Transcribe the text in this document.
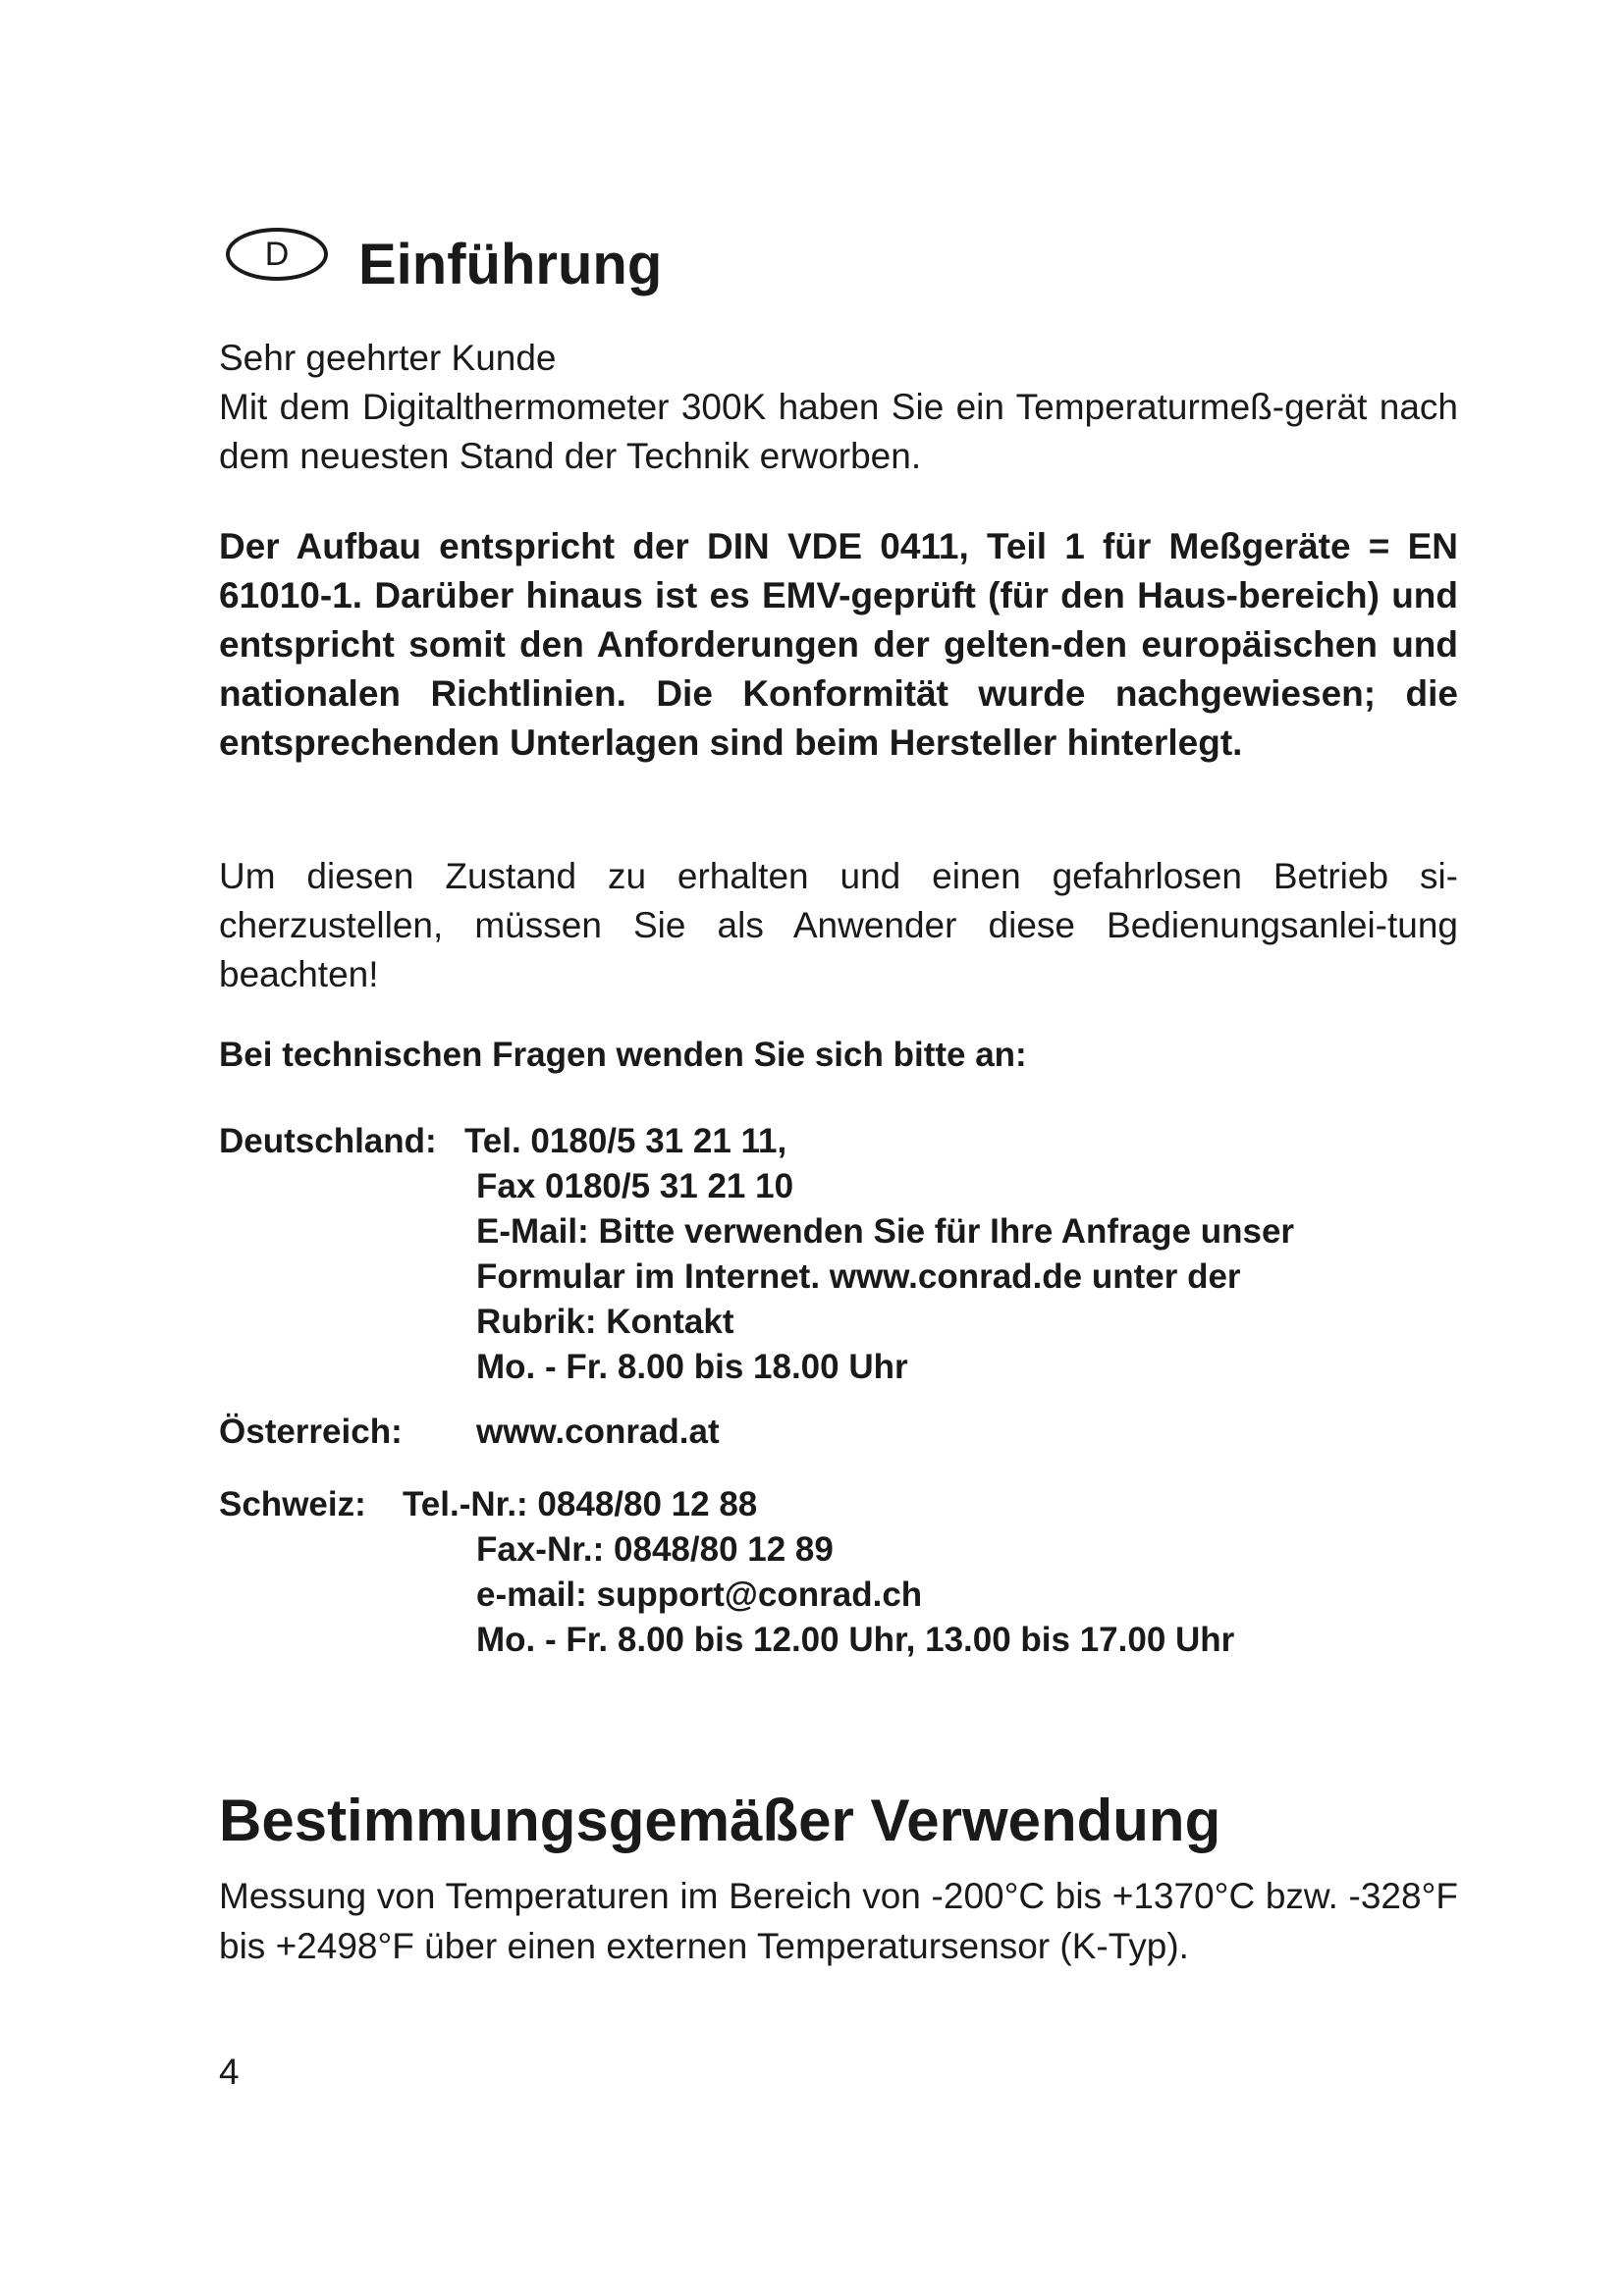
D Einführung

Sehr geehrter Kunde

Mit dem Digitalthermometer 300K haben Sie ein Temperaturmeß-gerät nach dem neuesten Stand der Technik erworben.

Der Aufbau entspricht der DIN VDE 0411, Teil 1 für Meßgeräte = EN 61010-1. Darüber hinaus ist es EMV-geprüft (für den Haus-bereich) und entspricht somit den Anforderungen der gelten-den europäischen und nationalen Richtlinien. Die Konformität wurde nachgewiesen; die entsprechenden Unterlagen sind beim Hersteller hinterlegt.

Um diesen Zustand zu erhalten und einen gefahrlosen Betrieb si-cherzustellen, müssen Sie als Anwender diese Bedienungsanlei-tung beachten!

Bei technischen Fragen wenden Sie sich bitte an:

Deutschland: Tel. 0180/5 31 21 11,
Fax 0180/5 31 21 10

E-Mail: Bitte verwenden Sie für Ihre Anfrage unser

Formular im Internet. www.conrad.de unter der

Rubrik: Kontakt

Mo. - Fr. 8.00 bis 18.00 Uhr

Österreich: www.conrad.at
Schweiz: Tel.-Nr.: 0848/80 12 88
Fax-Nr.: 0848/80 12 89

e-mail: support@conrad.ch

Mo. - Fr. 8.00 bis 12.00 Uhr, 13.00 bis 17.00 Uhr

Bestimmungsgemäßer Verwendung

Messung von Temperaturen im Bereich von -200°C bis +1370°C bzw. -328°F bis +2498°F über einen externen Temperatursensor (K-Typ).

4
